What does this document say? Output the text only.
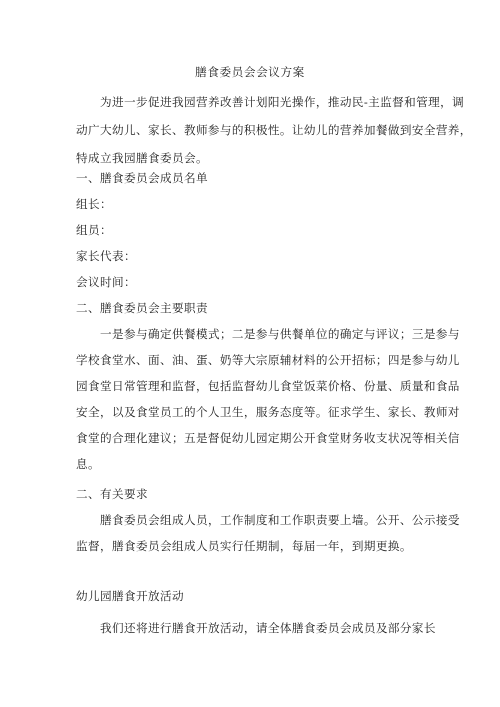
膳食委员会会议方案
为进一步促进我园营养改善计划阳光操作，推动民-主监督和管理，调
动广大幼儿、家长、教师参与的积极性。让幼儿的营养加餐做到安全营养，
特成立我园膳食委员会。
一、膳食委员会成员名单
组长：
组员：
家长代表：
会议时间：
二、膳食委员会主要职责
一是参与确定供餐模式；二是参与供餐单位的确定与评议；三是参与
学校食堂水、面、油、蛋、奶等大宗原辅材料的公开招标；四是参与幼儿
园食堂日常管理和监督，包括监督幼儿食堂饭菜价格、份量、质量和食品
安全，以及食堂员工的个人卫生，服务态度等。征求学生、家长、教师对
食堂的合理化建议；五是督促幼儿园定期公开食堂财务收支状况等相关信
息。
二、有关要求
膳食委员会组成人员，工作制度和工作职责要上墙。公开、公示接受
监督，膳食委员会组成人员实行任期制，每届一年，到期更换。
幼儿园膳食开放活动
我们还将进行膳食开放活动，请全体膳食委员会成员及部分家长
